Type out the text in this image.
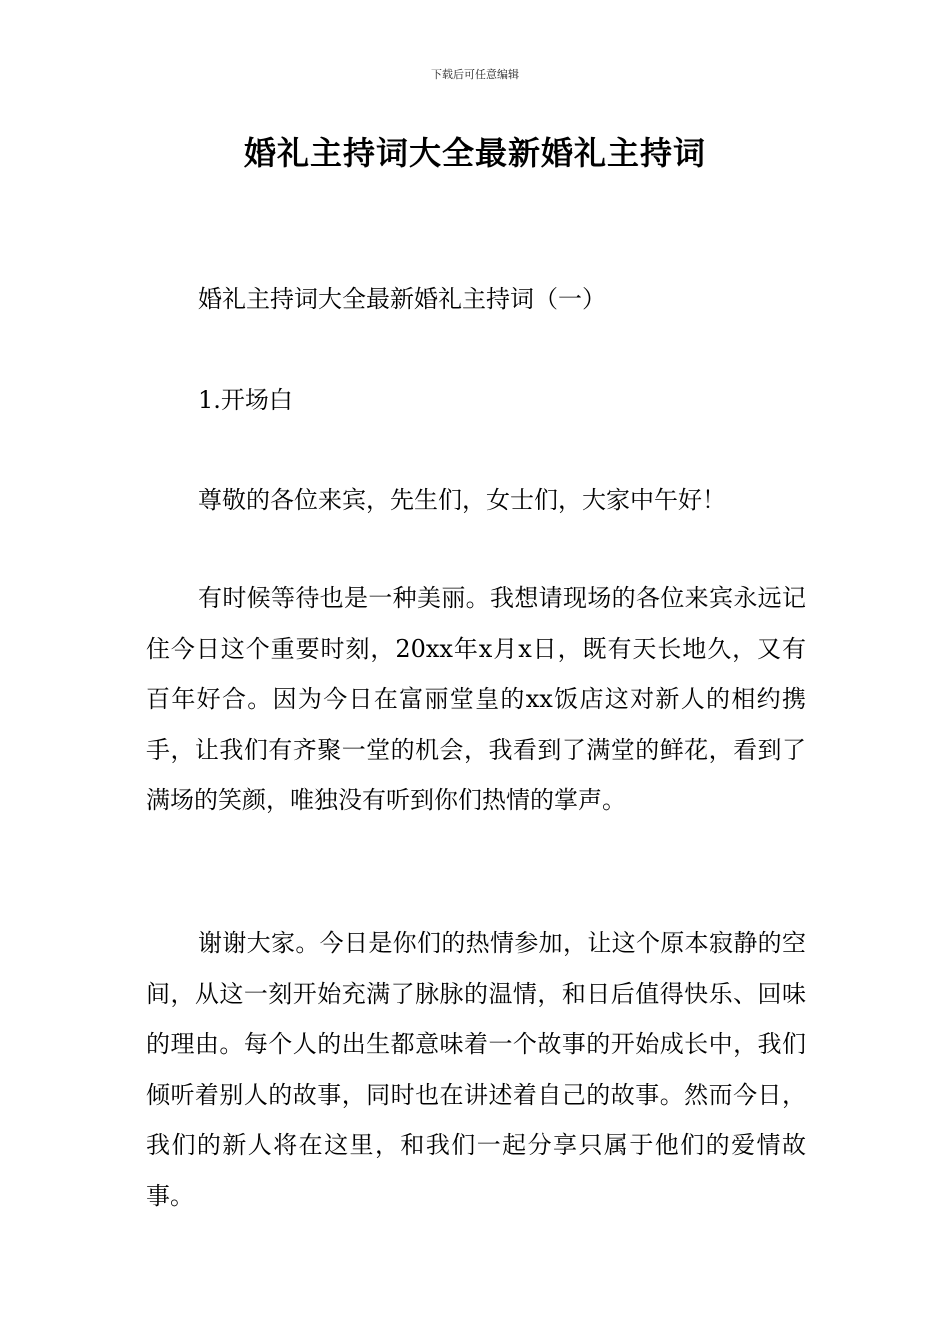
下载后可任意编辑
婚礼主持词大全最新婚礼主持词

婚礼主持词大全最新婚礼主持词（一）

1.开场白

尊敬的各位来宾，先生们，女士们，大家中午好！

有时候等待也是一种美丽。我想请现场的各位来宾永远记住今日这个重要时刻，20xx年x月x日，既有天长地久，又有百年好合。因为今日在富丽堂皇的xx饭店这对新人的相约携手，让我们有齐聚一堂的机会，我看到了满堂的鲜花，看到了满场的笑颜，唯独没有听到你们热情的掌声。

谢谢大家。今日是你们的热情参加，让这个原本寂静的空间，从这一刻开始充满了脉脉的温情，和日后值得快乐、回味的理由。每个人的出生都意味着一个故事的开始成长中，我们倾听着别人的故事，同时也在讲述着自己的故事。然而今日，我们的新人将在这里，和我们一起分享只属于他们的爱情故事。
